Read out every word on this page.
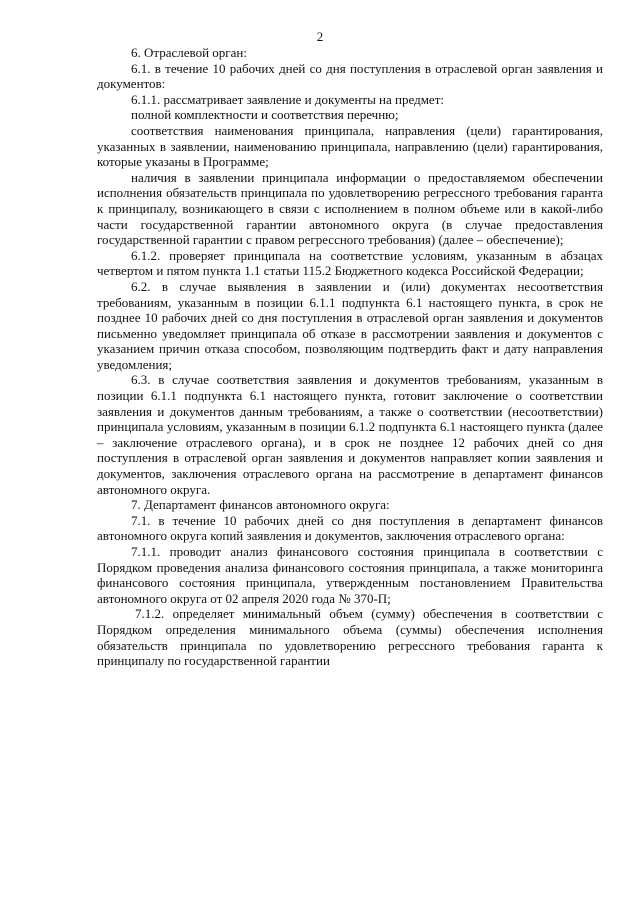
2

6. Отраслевой орган:

6.1. в течение 10 рабочих дней со дня поступления в отраслевой орган заявления и документов:

6.1.1. рассматривает заявление и документы на предмет:

полной комплектности и соответствия перечню;

соответствия наименования принципала, направления (цели) гарантирования, указанных в заявлении, наименованию принципала, направлению (цели) гарантирования, которые указаны в Программе;

наличия в заявлении принципала информации о предоставляемом обеспечении исполнения обязательств принципала по удовлетворению регрессного требования гаранта к принципалу, возникающего в связи с исполнением в полном объеме или в какой-либо части государственной гарантии автономного округа (в случае предоставления государственной гарантии с правом регрессного требования) (далее – обеспечение);

6.1.2. проверяет принципала на соответствие условиям, указанным в абзацах четвертом и пятом пункта 1.1 статьи 115.2 Бюджетного кодекса Российской Федерации;

6.2. в случае выявления в заявлении и (или) документах несоответствия требованиям, указанным в позиции 6.1.1 подпункта 6.1 настоящего пункта, в срок не позднее 10 рабочих дней со дня поступления в отраслевой орган заявления и документов письменно уведомляет принципала об отказе в рассмотрении заявления и документов с указанием причин отказа способом, позволяющим подтвердить факт и дату направления уведомления;

6.3. в случае соответствия заявления и документов требованиям, указанным в позиции 6.1.1 подпункта 6.1 настоящего пункта, готовит заключение о соответствии заявления и документов данным требованиям, а также о соответствии (несоответствии) принципала условиям, указанным в позиции 6.1.2 подпункта 6.1 настоящего пункта (далее – заключение отраслевого органа), и в срок не позднее 12 рабочих дней со дня поступления в отраслевой орган заявления и документов направляет копии заявления и документов, заключения отраслевого органа на рассмотрение в департамент финансов автономного округа.

7. Департамент финансов автономного округа:

7.1. в течение 10 рабочих дней со дня поступления в департамент финансов автономного округа копий заявления и документов, заключения отраслевого органа:

7.1.1. проводит анализ финансового состояния принципала в соответствии с Порядком проведения анализа финансового состояния принципала, а также мониторинга финансового состояния принципала, утвержденным постановлением Правительства автономного округа от 02 апреля 2020 года № 370-П;

7.1.2. определяет минимальный объем (сумму) обеспечения в соответствии с Порядком определения минимального объема (суммы) обеспечения исполнения обязательств принципала по удовлетворению регрессного требования гаранта к принципалу по государственной гарантии
